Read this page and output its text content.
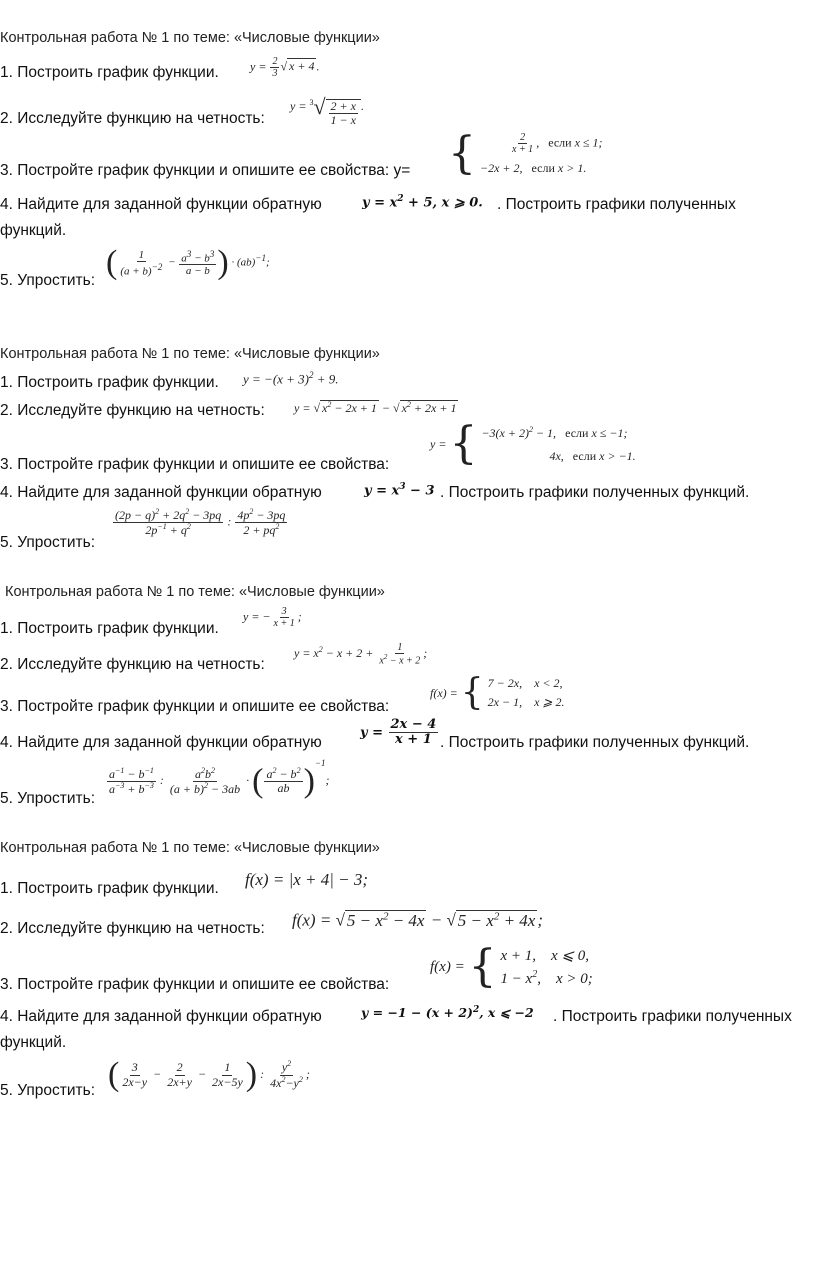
Контрольная работа № 1 по теме: «Числовые функции»
1. Построить график функции.	$y = \frac{2}{3}$ √ x + 4 .
2. Исследуйте функцию на четность:
$y = ^3√ \frac{2 + x}{1 - x}$ .
3. Постройте график функции и опишите ее свойства: у= {	$\frac{2}{x + 1}$ ,   если x ≤ 1;
−2x + 2,   если x > 1.
4. Найдите для заданной функции обратную	$y = x^2 + 5$, x ⩾ 0. . Построить графики полученных
функций.
5. Упростить: ( $\frac{1}{(a + b)^{-2}} - \frac{a^3 - b^3}{a - b}$ ) · (ab)$^{-1}$;
Контрольная работа № 1 по теме: «Числовые функции»
1. Построить график функции. $y = -(x + 3)^2 + 9$.
2. Исследуйте функцию на четность: y = √ $x^2 - 2x + 1$ − √ $x^2 + 2x + 1$
3. Постройте график функции и опишите ее свойства:
y = { $-3(x + 2)^2 - 1$,   если x ≤ −1;
4x, если x > −1.
4. Найдите для заданной функции обратную	$y = x^3 - 3$ . Построить графики полученных функций.
5. Упростить:
$\frac{(2p - q)^2 + 2q^2 - 3pq}{2p^{-1} + q^2}$ : $\frac{4p^2 - 3pq}{2 + pq^2}$
Контрольная работа № 1 по теме: «Числовые функции»
1. Построить график функции.
y = − $\frac{3}{x + 1}$ ;
2. Исследуйте функцию на четность:
$y = x^2 - x + 2 + \frac{1}{x^2 - x + 2}$ ;
3. Постройте график функции и опишите ее свойства:
f(x) = { 7 − 2x,    x < 2,
2x − 1,    x ⩾ 2.
4. Найдите для заданной функции обратную
$y = \frac{2x - 4}{x + 1}$ . Построить графики полученных функций.
5. Упростить:
$\frac{a^{-1} - b^{-1}}{a^{-3} + b^{-3}}$ : $\frac{a^2b^2}{(a + b)^2 - 3ab}$ · ( $\frac{a^2 - b^2}{ab} )^{-1}$;
Контрольная работа № 1 по теме: «Числовые функции»
1. Построить график функции. f(x) = |x + 4| − 3;
2. Исследуйте функцию на четность: f(x) = √ $5 - x^2 - 4x$ − √ $5 - x^2 + 4x$ ;
3. Постройте график функции и опишите ее свойства:
f(x) = { x + 1,    x ⩽ 0,
$1 - x^2$,    x > 0;
4. Найдите для заданной функции обратную	$y = -1 - (x + 2)^2$, x ⩽ −2 . Построить графики полученных
функций.
5. Упростить: ( $\frac{3}{2x-y} - \frac{2}{2x+y} - \frac{1}{2x-5y}$ ) : $\frac{y^2}{4x^2-y^2}$ ;
